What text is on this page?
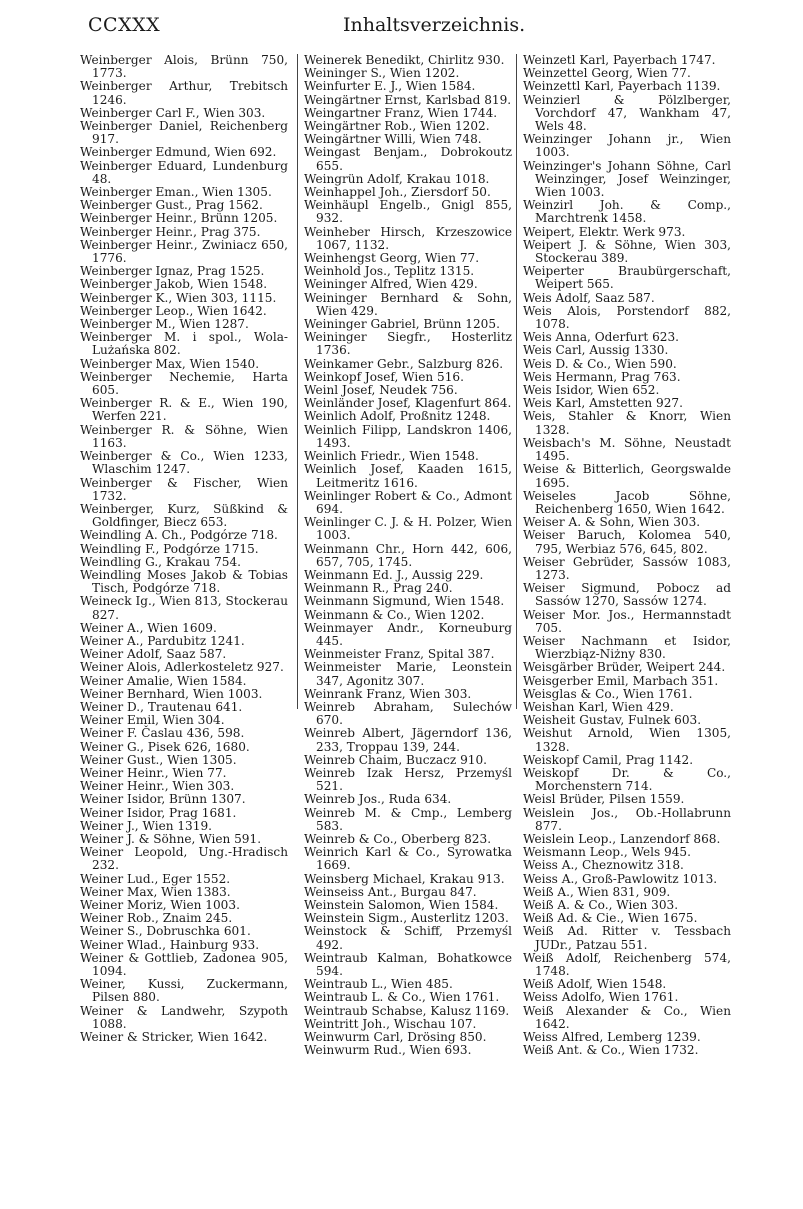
CCXXX	Inhaltsverzeichnis.

Weinberger Alois, Brünn 750, 1773.

Weinberger Arthur, Trebitsch 1246.

Weinberger Carl F., Wien 303.

Weinberger Daniel, Reichenberg 917.

Weinberger Edmund, Wien 692.

Weinberger Eduard, Lundenburg 48.

Weinberger Eman., Wien 1305.

Weinberger Gust., Prag 1562.

Weinberger Heinr., Brünn 1205.

Weinberger Heinr., Prag 375.

Weinberger Heinr., Zwiniacz 650, 1776.

Weinberger Ignaz, Prag 1525.

Weinberger Jakob, Wien 1548.

Weinberger K., Wien 303, 1115.

Weinberger Leop., Wien 1642.

Weinberger M., Wien 1287.

Weinberger M. i spol., Wola-Lużańska 802.

Weinberger Max, Wien 1540.

Weinberger Nechemie, Harta 605.

Weinberger R. & E., Wien 190, Werfen 221.

Weinberger R. & Söhne, Wien 1163.

Weinberger & Co., Wien 1233, Wlaschim 1247.

Weinberger & Fischer, Wien 1732.

Weinberger, Kurz, Süßkind & Goldfinger, Biecz 653.

Weindling A. Ch., Podgórze 718.

Weindling F., Podgórze 1715.

Weindling G., Krakau 754.

Weindling Moses Jakob & Tobias Tisch, Podgórze 718.

Weineck Ig., Wien 813, Stockerau 827.

Weiner A., Wien 1609.

Weiner A., Pardubitz 1241.

Weiner Adolf, Saaz 587.

Weiner Alois, Adlerkosteletz 927.

Weiner Amalie, Wien 1584.

Weiner Bernhard, Wien 1003.

Weiner D., Trautenau 641.

Weiner Emil, Wien 304.

Weiner F. Časlau 436, 598.

Weiner G., Pisek 626, 1680.

Weiner Gust., Wien 1305.

Weiner Heinr., Wien 77.

Weiner Heinr., Wien 303.

Weiner Isidor, Brünn 1307.

Weiner Isidor, Prag 1681.

Weiner J., Wien 1319.

Weiner J. & Söhne, Wien 591.

Weiner Leopold, Ung.-Hradisch 232.

Weiner Lud., Eger 1552.

Weiner Max, Wien 1383.

Weiner Moriz, Wien 1003.

Weiner Rob., Znaim 245.

Weiner S., Dobruschka 601.

Weiner Wlad., Hainburg 933.

Weiner & Gottlieb, Zadonea 905, 1094.

Weiner, Kussi, Zuckermann, Pilsen 880.

Weiner & Landwehr, Szypoth 1088.

Weiner & Stricker, Wien 1642.

Weinerek Benedikt, Chirlitz 930.

Weininger S., Wien 1202.

Weinfurter E. J., Wien 1584.

Weingärtner Ernst, Karlsbad 819.

Weingartner Franz, Wien 1744.

Weingärtner Rob., Wien 1202.

Weingärtner Willi, Wien 748.

Weingast Benjam., Dobrokoutz 655.

Weingrün Adolf, Krakau 1018.

Weinhappel Joh., Ziersdorf 50.

Weinhäupl Engelb., Gnigl 855, 932.

Weinheber Hirsch, Krzeszowice 1067, 1132.

Weinhengst Georg, Wien 77.

Weinhold Jos., Teplitz 1315.

Weininger Alfred, Wien 429.

Weininger Bernhard & Sohn, Wien 429.

Weininger Gabriel, Brünn 1205.

Weininger Siegfr., Hosterlitz 1736.

Weinkamer Gebr., Salzburg 826.

Weinkopf Josef, Wien 516.

Weinl Josef, Neudek 756.

Weinländer Josef, Klagenfurt 864.

Weinlich Adolf, Proßnitz 1248.

Weinlich Filipp, Landskron 1406, 1493.

Weinlich Friedr., Wien 1548.

Weinlich Josef, Kaaden 1615, Leitmeritz 1616.

Weinlinger Robert & Co., Admont 694.

Weinlinger C. J. & H. Polzer, Wien 1003.

Weinmann Chr., Horn 442, 606, 657, 705, 1745.

Weinmann Ed. J., Aussig 229.

Weinmann R., Prag 240.

Weinmann Sigmund, Wien 1548.

Weinmann & Co., Wien 1202.

Weinmayer Andr., Korneuburg 445.

Weinmeister Franz, Spital 387.

Weinmeister Marie, Leonstein 347, Agonitz 307.

Weinrank Franz, Wien 303.

Weinreb Abraham, Sulechów 670.

Weinreb Albert, Jägerndorf 136, 233, Troppau 139, 244.

Weinreb Chaim, Buczacz 910.

Weinreb Izak Hersz, Przemyśl 521.

Weinreb Jos., Ruda 634.

Weinreb M. & Cmp., Lemberg 583.

Weinreb & Co., Oberberg 823.

Weinrich Karl & Co., Syrowatka 1669.

Weinsberg Michael, Krakau 913.

Weinseiss Ant., Burgau 847.

Weinstein Salomon, Wien 1584.

Weinstein Sigm., Austerlitz 1203.

Weinstock & Schiff, Przemyśl 492.

Weintraub Kalman, Bohatkowce 594.

Weintraub L., Wien 485.

Weintraub L. & Co., Wien 1761.

Weintraub Schabse, Kalusz 1169.

Weintritt Joh., Wischau 107.

Weinwurm Carl, Drösing 850.

Weinwurm Rud., Wien 693.

Weinzetl Karl, Payerbach 1747.

Weinzettel Georg, Wien 77.

Weinzettl Karl, Payerbach 1139.

Weinzierl & Pölzlberger, Vorchdorf 47, Wankham 47, Wels 48.

Weinzinger Johann jr., Wien 1003.

Weinzinger's Johann Söhne, Carl Weinzinger, Josef Weinzinger, Wien 1003.

Weinzirl Joh. & Comp., Marchtrenk 1458.

Weipert, Elektr. Werk 973.

Weipert J. & Söhne, Wien 303, Stockerau 389.

Weiperter Braubürgerschaft, Weipert 565.

Weis Adolf, Saaz 587.

Weis Alois, Porstendorf 882, 1078.

Weis Anna, Oderfurt 623.

Weis Carl, Aussig 1330.

Weis D. & Co., Wien 590.

Weis Hermann, Prag 763.

Weis Isidor, Wien 652.

Weis Karl, Amstetten 927.

Weis, Stahler & Knorr, Wien 1328.

Weisbach's M. Söhne, Neustadt 1495.

Weise & Bitterlich, Georgswalde 1695.

Weiseles Jacob Söhne, Reichenberg 1650, Wien 1642.

Weiser A. & Sohn, Wien 303.

Weiser Baruch, Kolomea 540, 795, Werbiaz 576, 645, 802.

Weiser Gebrüder, Sassów 1083, 1273.

Weiser Sigmund, Pobocz ad Sassów 1270, Sassów 1274.

Weiser Mor. Jos., Hermannstadt 705.

Weiser Nachmann et Isidor, Wierzbiąz-Niżny 830.

Weisgärber Brüder, Weipert 244.

Weisgerber Emil, Marbach 351.

Weisglas & Co., Wien 1761.

Weishan Karl, Wien 429.

Weisheit Gustav, Fulnek 603.

Weishut Arnold, Wien 1305, 1328.

Weiskopf Camil, Prag 1142.

Weiskopf Dr. & Co., Morchenstern 714.

Weisl Brüder, Pilsen 1559.

Weislein Jos., Ob.-Hollabrunn 877.

Weislein Leop., Lanzendorf 868.

Weismann Leop., Wels 945.

Weiss A., Cheznowitz 318.

Weiss A., Groß-Pawlowitz 1013.

Weiß A., Wien 831, 909.

Weiß A. & Co., Wien 303.

Weiß Ad. & Cie., Wien 1675.

Weiß Ad. Ritter v. Tessbach JUDr., Patzau 551.

Weiß Adolf, Reichenberg 574, 1748.

Weiß Adolf, Wien 1548.

Weiss Adolfo, Wien 1761.

Weiß Alexander & Co., Wien 1642.

Weiss Alfred, Lemberg 1239.

Weiß Ant. & Co., Wien 1732.
